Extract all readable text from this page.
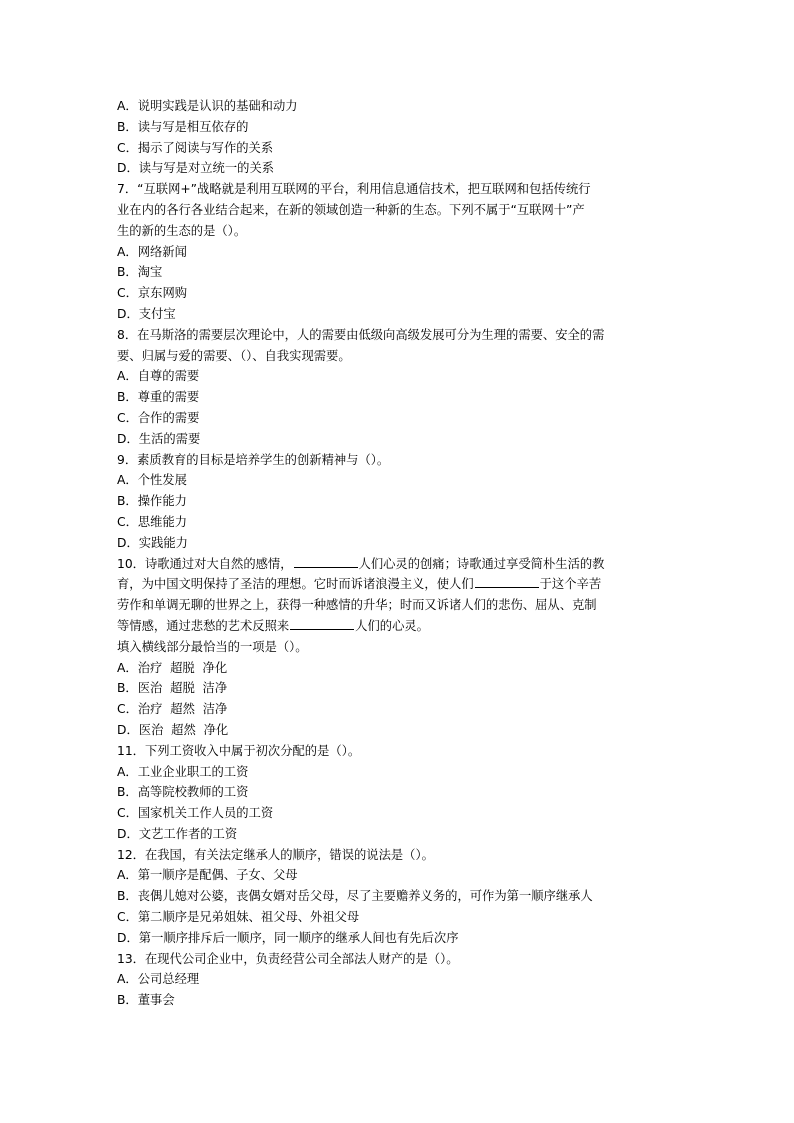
A．说明实践是认识的基础和动力
B．读与写是相互依存的
C．揭示了阅读与写作的关系
D．读与写是对立统一的关系
7．“互联网+”战略就是利用互联网的平台，利用信息通信技术，把互联网和包括传统行
业在内的各行各业结合起来，在新的领域创造一种新的生态。下列不属于“互联网十”产
生的新的生态的是（）。
A．网络新闻
B．淘宝
C．京东网购
D．支付宝
8．在马斯洛的需要层次理论中，人的需要由低级向高级发展可分为生理的需要、安全的需
要、归属与爱的需要、（）、自我实现需要。
A．自尊的需要
B．尊重的需要
C．合作的需要
D．生活的需要
9．素质教育的目标是培养学生的创新精神与（）。
A．个性发展
B．操作能力
C．思维能力
D．实践能力
10．诗歌通过对大自然的感情，	人们心灵的创痛；诗歌通过享受简朴生活的教
育，为中国文明保持了圣洁的理想。它时而诉诸浪漫主义，使人们	于这个辛苦
劳作和单调无聊的世界之上，获得一种感情的升华；时而又诉诸人们的悲伤、屈从、克制
等情感，通过悲愁的艺术反照来	人们的心灵。
填入横线部分最恰当的一项是（）。
A．治疗  超脱  净化
B．医治  超脱  洁净
C．治疗  超然  洁净
D．医治  超然  净化
11．下列工资收入中属于初次分配的是（）。
A．工业企业职工的工资
B．高等院校教师的工资
C．国家机关工作人员的工资
D．文艺工作者的工资
12．在我国，有关法定继承人的顺序，错误的说法是（）。
A．第一顺序是配偶、子女、父母
B．丧偶儿媳对公婆，丧偶女婿对岳父母，尽了主要赡养义务的，可作为第一顺序继承人
C．第二顺序是兄弟姐妹、祖父母、外祖父母
D．第一顺序排斥后一顺序，同一顺序的继承人间也有先后次序
13．在现代公司企业中，负责经营公司全部法人财产的是（）。
A．公司总经理
B．董事会
